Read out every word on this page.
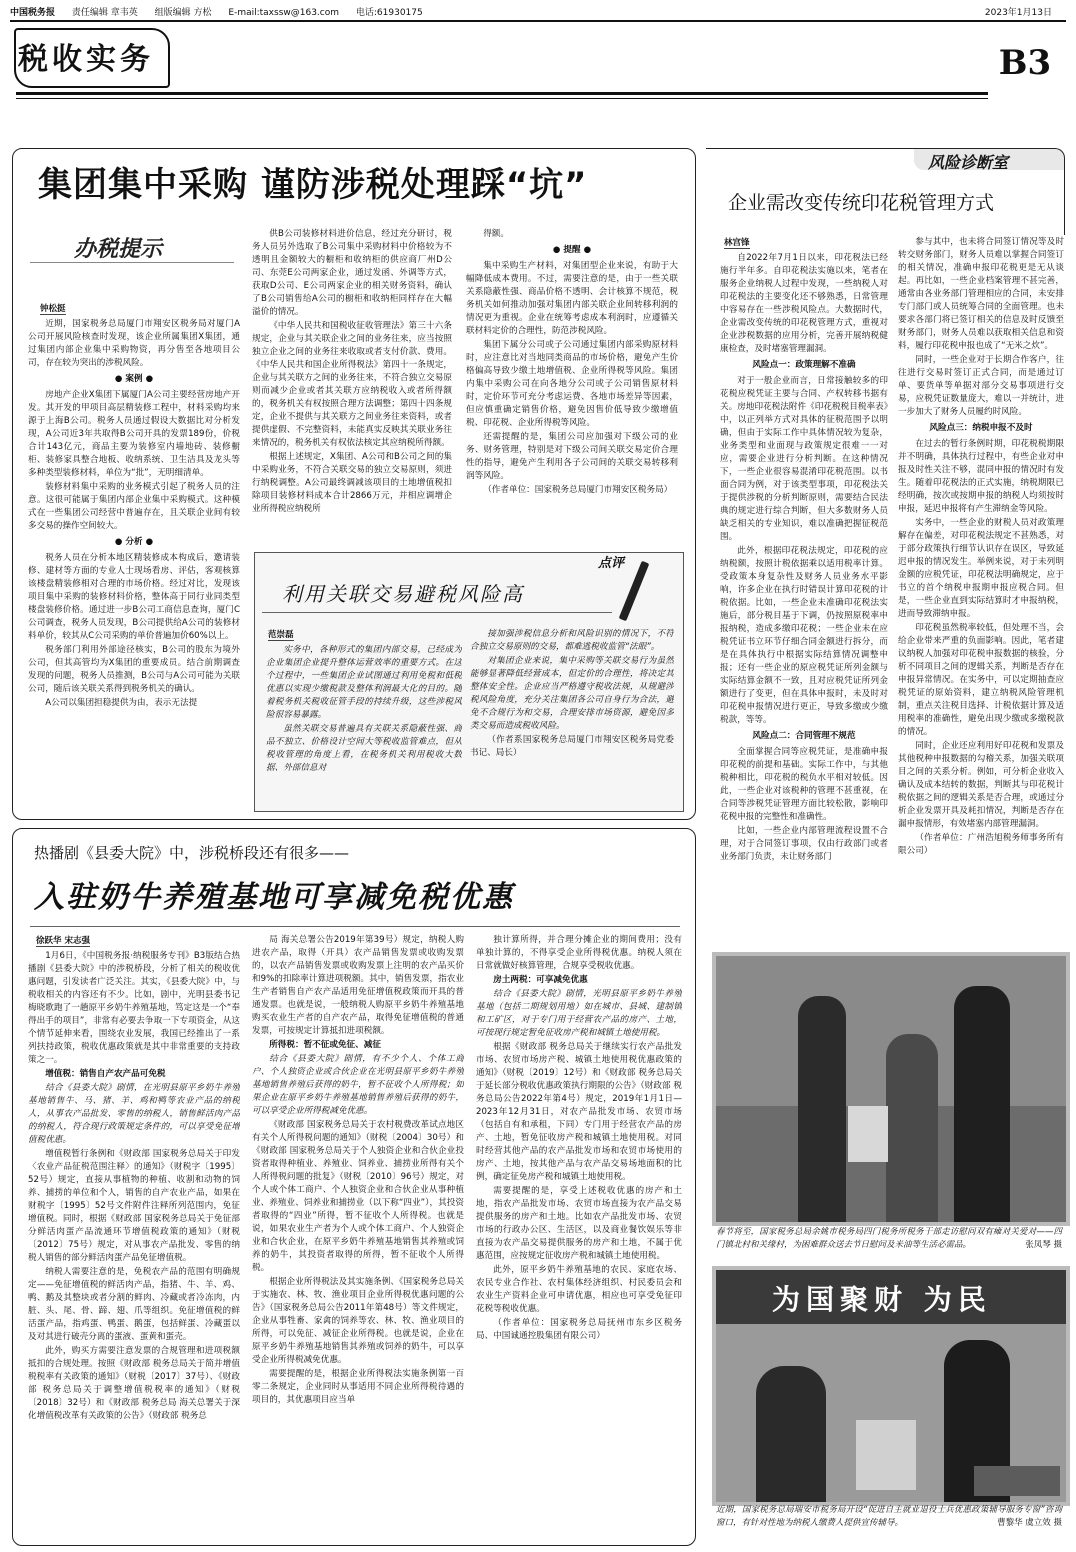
中国税务报 责任编辑 章韦英 组版编辑 方松 E-mail:taxssw@163.com 电话:61930175	2023年1月13日
税收实务	B3
集团集中采购 谨防涉税处理踩“坑”
办税提示
钟松挺

近期，国家税务总局厦门市翔安区税务局对厦门A公司开展风险核查时发现，该企业所属集团X集团，通过集团内部企业集中采购物资，再分售至各地项目公司，存在较为突出的涉税风险。

● 案例 ●

房地产企业X集团下属厦门A公司主要经营房地产开发。其开发的甲项目高层精装修工程中，材料采购均来源于上海B公司。税务人员通过假设大数据比对分析发现，A公司近3年共取得B公司开具的发票189份，价税合计143亿元，商品主要为装修室内墙地砖、装修橱柜、装修家具整合地板、收纳系统、卫生洁具及龙头等多种类型装修材料，单位为“批”，无明细清单。

装修材料集中采购的业务模式引起了税务人员的注意。这很可能属于集团内部企业集中采购模式。这种模式在一些集团公司经营中普遍存在，且关联企业间有较多交易的操作空间较大。

● 分析 ●

税务人员在分析本地区精装修成本构成后，邀请装修、建材等方面的专业人士现场看房、评估，客观核算该楼盘精装修相对合理的市场价格。经过对比，发现该项目集中采购的装修材料价格，整体高于同行业同类型楼盘装修价格。通过进一步B公司工商信息查询，厦门C公司调查，税务人员发现，B公司提供给A公司的装修材料单价，较其从C公司采购的单价普遍加价60%以上。

税务部门利用外部途径核实，B公司的股东为境外公司，但其高管均为X集团的重要成员。结合前期调查发现的问题，税务人员推测，B公司与A公司可能为关联公司，随后该关联关系得到税务机关的确认。

A公司以集团担稳提供为由，表示无法提

供B公司装修材料进价信息，经过充分研讨，税务人员另外选取了B公司集中采购材料中价格较为不透明且金额较大的橱柜和收纳柜的供应商厂州D公司、东莞E公司两家企业，通过发函、外调等方式，获取D公司、E公司两家企业的相关财务资料，确认了B公司销售给A公司的橱柜和收纳柜同样存在大幅溢价的情况。

《中华人民共和国税收征收管理法》第三十六条规定，企业与其关联企业之间的业务往来，应当按照独立企业之间的业务往来收取或者支付价款、费用。《中华人民共和国企业所得税法》第四十一条规定，企业与其关联方之间的业务往来，不符合独立交易原则而减少企业或者其关联方应纳税收入或者所得额的，税务机关有权按照合理方法调整；第四十四条规定，企业不提供与其关联方之间业务往来资料，或者提供虚假、不完整资料，未能真实反映其关联业务往来情况的，税务机关有权依法核定其应纳税所得额。

根据上述规定，X集团、A公司和B公司之间的集中采购业务，不符合关联交易的独立交易原则，须进行纳税调整。A公司最终调减该项目的土地增值税扣除项目装修材料成本合计2866万元，并相应调增企业所得税应纳税所

得额。

● 提醒 ●

集中采购生产材料，对集团型企业来说，有助于大幅降低成本费用。不过，需要注意的是，由于一些关联关系隐蔽性强、商品价格不透明、会计核算不规范，税务机关如何推动加强对集团内部关联企业间转移利润的情况更为重视。企业在统筹考虑成本利润时，应遵循关联材料定价的合理性，防范涉税风险。

集团下属分公司或子公司通过集团内部采购原材料时，应注意比对当地同类商品的市场价格，避免产生价格偏高导致少缴土地增值税、企业所得税等风险。集团内集中采购公司在向各地分公司或子公司销售原材料时，定价环节可充分考虑运费、各地市场差异等因素，但应慎重确定销售价格，避免因售价低导致少缴增值税、印花税、企业所得税等风险。

还需提醒的是，集团公司应加强对下级公司的业务、财务管理，特别是对下级公司间关联交易定价合理性的指导，避免产生利用各子公司间的关联交易转移利润等风险。

（作者单位：国家税务总局厦门市翔安区税务局）

利用关联交易避税风险高
点评
范崇磊

实务中，各种形式的集团内部交易，已经成为企业集团企业提升整体运营效率的重要方式。在这个过程中，一些集团企业试图通过利用免税和低税优惠以实现少缴税款及整体利润最大化的目的。随着税务机关税收征管手段的持续升级，这些涉税风险很容易暴露。

虽然关联交易普遍具有关联关系隐蔽性强、商品不独立、价格设计空间大等税收监管难点，但从税收管理的角度上看，在税务机关利用税收大数据、外部信息对

接加强涉税信息分析和风险识别的情况下，不符合独立交易原则的交易，都难逃税收监管“法眼”。

对集团企业来说，集中采购等关联交易行为虽然能够显著降低经营成本，但定价的合理性，将决定其整体安全性。企业应当严格遵守税收法规，从规避涉税风险角度，充分关注集团各公司自身行为合法，避免不合规行为和交易，合理安排市场资源，避免因多类交易而造成税收风险。

（作者系国家税务总局厦门市翔安区税务局党委书记、局长）

风险诊断室
企业需改变传统印花税管理方式
林宫锋

自2022年7月1日以来，印花税法已经施行半年多。自印花税法实施以来，笔者在服务企业纳税人过程中发现，一些纳税人对印花税法的主要变化还不够熟悉，日常管理中容易存在一些涉税风险点。大数据时代，企业需改变传统的印花税管理方式，重视对企业涉税数据的应用分析，完善开展纳税健康检查，及时堵塞管理漏洞。

风险点一：政策理解不准确

对于一般企业而言，日常接触较多的印花税应税凭证主要与合同、产权转移书据有关。房地印花税法附件《印花税税目税率表》中，以正列举方式对具体的征税范围予以明确，但由于实际工作中具体情况较为复杂，业务类型和业面现与政策规定很难一一对应，需要企业进行分析判断。在这种情况下，一些企业很容易混淆印花税范围。以书面合同为例，对于该类型事项，印花税法关于提供涉税的分析判断原则，需要结合民法典的规定进行综合判断，但大多数财务人员缺乏相关的专业知识，难以准确把握征税范围。

此外，根据印花税法规定，印花税的应纳税额，按照计税依据乘以适用税率计算。受政策本身复杂性及财务人员业务水平影响，许多企业在执行时错误计算印花税的计税依据。比如，一些企业未准确印花税法实施后，部分税目基于下调，仍按照原税率申报纳税，造成多缴印花税；一些企业未在应税凭证书立环节仔细合同金额进行拆分，而是在具体执行中根据实际结算情况调整申报；还有一些企业的原应税凭证所列金额与实际结算金额不一致，且对应税凭证所列金额进行了变更，但在具体申报时，未及时对印花税申报情况进行更正，导致多缴或少缴税款，等等。

风险点二：合同管理不规范

全面掌握合同等应税凭证，是准确申报印花税的前提和基础。实际工作中，与其他税种相比，印花税的税负水平相对较低。因此，一些企业对该税种的管理不甚重视，在合同等涉税凭证管理方面比较松散，影响印花税申报的完整性和准确性。

比如，一些企业内部管理流程设置不合理，对于合同签订事项，仅由行政部门或者业务部门负责，未让财务部门

参与其中，也未将合同签订情况等及时转交财务部门，财务人员难以掌握合同签订的相关情况，准确申报印花税更是无从谈起。再比如，一些企业档案管理不甚完善，通常由各业务部门管理相应的合同，未安排专门部门或人员统筹合同的全面管理。也未要求各部门将已签订相关的信息及时反馈至财务部门，财务人员难以获取相关信息和资料，履行印花税申报也成了“无米之炊”。

同时，一些企业对于长期合作客户，往往进行交易时签订正式合同，而是通过订单、要货单等单据对部分交易事项进行交易，应税凭证数量庞大，难以一并统计，进一步加大了财务人员履约时风险。

风险点三：纳税申报不及时

在过去的暂行条例时期，印花税税期限并不明确，具体执行过程中，有些企业对申报及时性关注不够，混同申报的情况时有发生。随着印花税法的正式实施，纳税期限已经明确，按次或按期申报的纳税人均须按时申报，延迟申报将有产生滞纳金等风险。

实务中，一些企业的财税人员对政策理解存在偏差，对印花税法规定不甚熟悉，对于部分政策执行细节认识存在误区，导致延迟申报的情况发生。举例来说，对于未列明金额的应税凭证，印花税法明确规定，应于书立的首个纳税申报期申报应税合同。但是，一些企业直到实际结算时才申报纳税，进而导致滞纳申报。

印花税虽然税率较低，但处理不当，会给企业带来严重的负面影响。因此，笔者建议纳税人加强对印花税申报数据的核验，分析不同项目之间的逻辑关系，判断是否存在申报异常情况。在实务中，可以定期抽查应税凭证的原始资料，建立纳税风险管理机制，重点关注税目选择、计税依据计算及适用税率的准确性，避免出现少缴或多缴税款的情况。

同时，企业还应利用好印花税和发票及其他税种申报数据的勾稽关系，加强关联项目之间的关系分析。例如，可分析企业收入确认及成本结转的数据，判断其与印花税计税依据之间的逻辑关系是否合理，或通过分析企业发票开具及耗扣情况，判断是否存在漏申报情形，有效堵塞内部管理漏洞。

（作者单位：广州浩旭税务师事务所有限公司）

热播剧《县委大院》中，涉税桥段还有很多——
入驻奶牛养殖基地可享减免税优惠
徐跃华 宋志强

1月6日，《中国税务报·纳税服务专刊》B3版结合热播剧《县委大院》中的涉税桥段，分析了相关的税收优惠问题，引发读者广泛关注。其实，《县委大院》中，与税收相关的内容还有不少。比如，剧中，光明县委书记梅晓歌跑了一趟原平乡奶牛养殖基地，笃定这是一个“奉得出手的项目”，非常有必要去争取一下专项资金，从这个情节延伸来看，围绕农业发展，我国已经推出了一系列扶持政策，税收优惠政策就是其中非常重要的支持政策之一。

增值税：销售自产农产品可免税

结合《县委大院》剧情，在光明县原平乡奶牛养殖基地销售牛、马、猪、羊、鸡和鸭等农业产品的纳税人，从事农产品批发、零售的纳税人，销售鲜活肉产品的纳税人，符合现行政策规定条件的，可以享受免征增值税优惠。

增值税暂行条例和《财政部 国家税务总局关于印发〈农业产品征税范围注释〉的通知》（财税字〔1995〕52号）规定，直接从事植物的种植、收割和动物的饲养、捕捞的单位和个人，销售的自产农业产品，如果在财税字〔1995〕52号文件附件注释所列范围内，免征增值税。同时，根据《财政部 国家税务总局关于免征部分鲜活肉蛋产品流通环节增值税政策的通知》（财税〔2012〕75号）规定，对从事农产品批发、零售的纳税人销售的部分鲜活肉蛋产品免征增值税。

纳税人需要注意的是，免税农产品的范围有明确规定——免征增值税的鲜活肉产品，指猪、牛、羊、鸡、鸭、鹅及其整块或者分割的鲜肉、冷藏或者冷冻肉，内脏、头、尾、骨、蹄、翅、爪等组织。免征增值税的鲜活蛋产品，指鸡蛋、鸭蛋、鹅蛋，包括鲜蛋、冷藏蛋以及对其进行破壳分离的蛋液、蛋黄和蛋壳。

此外，购买方需要注意发票的合规管理和进项税额抵扣的合规处理。按照《财政部 税务总局关于简并增值税税率有关政策的通知》（财税〔2017〕37号）、《财政部 税务总局关于调整增值税税率的通知》（财税〔2018〕32号）和《财政部 税务总局 海关总署关于深化增值税改革有关政策的公告》（财政部 税务总

局 海关总署公告2019年第39号）规定，纳税人购进农产品，取得（开具）农产品销售发票或收购发票的，以农产品销售发票或收购发票上注明的农产品买价和9%的扣除率计算进项税额。其中，销售发票，指农业生产者销售自产农产品适用免征增值税政策而开具的普通发票。也就是说，一般纳税人购原平乡奶牛养殖基地购买农业生产者的自产农产品，取得免征增值税的普通发票，可按规定计算抵扣进项税额。

所得税：暂不征或免征、减征

结合《县委大院》剧情，有不少个人、个体工商户、个人独资企业或合伙企业在光明县原平乡奶牛养殖基地销售养殖后获得的奶牛，暂不征收个人所得税；如果企业在原平乡奶牛养殖基地销售养殖后获得的奶牛，可以享受企业所得税减免优惠。

《财政部 国家税务总局关于农村税费改革试点地区有关个人所得税问题的通知》（财税〔2004〕30号）和《财政部 国家税务总局关于个人独资企业和合伙企业投资者取得种植业、养殖业、饲养业、捕捞业所得有关个人所得税问题的批复》（财税〔2010〕96号）规定，对个人或个体工商户、个人独资企业和合伙企业从事种植业、养殖业、饲养业和捕捞业（以下称“四业”），其投资者取得的“四业”所得，暂不征收个人所得税。也就是说，如果农业生产者为个人或个体工商户、个人独资企业和合伙企业，在原平乡奶牛养殖基地销售其养殖或饲养的奶牛，其投资者取得的所得，暂不征收个人所得税。

根据企业所得税法及其实施条例、《国家税务总局关于实施农、林、牧、渔业项目企业所得税优惠问题的公告》（国家税务总局公告2011年第48号）等文件规定，企业从事牲畜、家禽的饲养等农、林、牧、渔业项目的所得，可以免征、减征企业所得税。也就是说，企业在原平乡奶牛养殖基地销售其养殖或饲养的奶牛，可以享受企业所得税减免优惠。

需要提醒的是，根据企业所得税法实施条例第一百零二条规定，企业同时从事适用不同企业所得税待遇的项目的，其优惠项目应当单

独计算所得，并合理分摊企业的期间费用；没有单独计算的，不得享受企业所得税优惠。纳税人须在日常就做好核算管理，合规享受税收优惠。

房土两税：可享减免优惠

结合《县委大院》剧情，光明县原平乡奶牛养殖基地（包括二期规划用地）如在城市、县城、建制镇和工矿区，对于专门用于经营农产品的房产、土地，可按现行规定暂免征收房产税和城镇土地使用税。

根据《财政部 税务总局关于继续实行农产品批发市场、农贸市场房产税、城镇土地使用税优惠政策的通知》（财税〔2019〕12号）和《财政部 税务总局关于延长部分税收优惠政策执行期限的公告》（财政部 税务总局公告2022年第4号）规定，2019年1月1日—2023年12月31日，对农产品批发市场、农贸市场（包括自有和承租，下同）专门用于经营农产品的房产、土地，暂免征收房产税和城镇土地使用税。对同时经营其他产品的农产品批发市场和农贸市场使用的房产、土地，按其他产品与农产品交易场地面积的比例，确定征免房产税和城镇土地使用税。

需要提醒的是，享受上述税收优惠的房产和土地，指农产品批发市场、农贸市场直接为农产品交易提供服务的房产和土地。比如农产品批发市场、农贸市场的行政办公区、生活区，以及商业餐饮娱乐等非直接为农产品交易提供服务的房产和土地，不属于优惠范围，应按规定征收房产税和城镇土地使用税。

此外，原平乡奶牛养殖基地的农民、家庭农场、农民专业合作社、农村集体经济组织、村民委员会和农业生产资料企业可申请优惠，相应也可享受免征印花税等税收优惠。

（作者单位：国家税务总局抚州市东乡区税务局、中国诚通控股集团有限公司）

春节将至，国家税务总局余姚市税务局四门税务所税务干部走访慰问双有瘫对关爱对——四门镇北村和关缘村，为困难群众送去节日慰问及米油等生活必需品。	张凤琴 摄
为国聚财 为民
近期，国家税务总局瑞安市税务局开设“促进自主就业退役士兵优惠政策辅导服务专窗”咨询窗口，有针对性地为纳税人缴费人提供宣传辅导。	曹黎华 虞立效 摄
